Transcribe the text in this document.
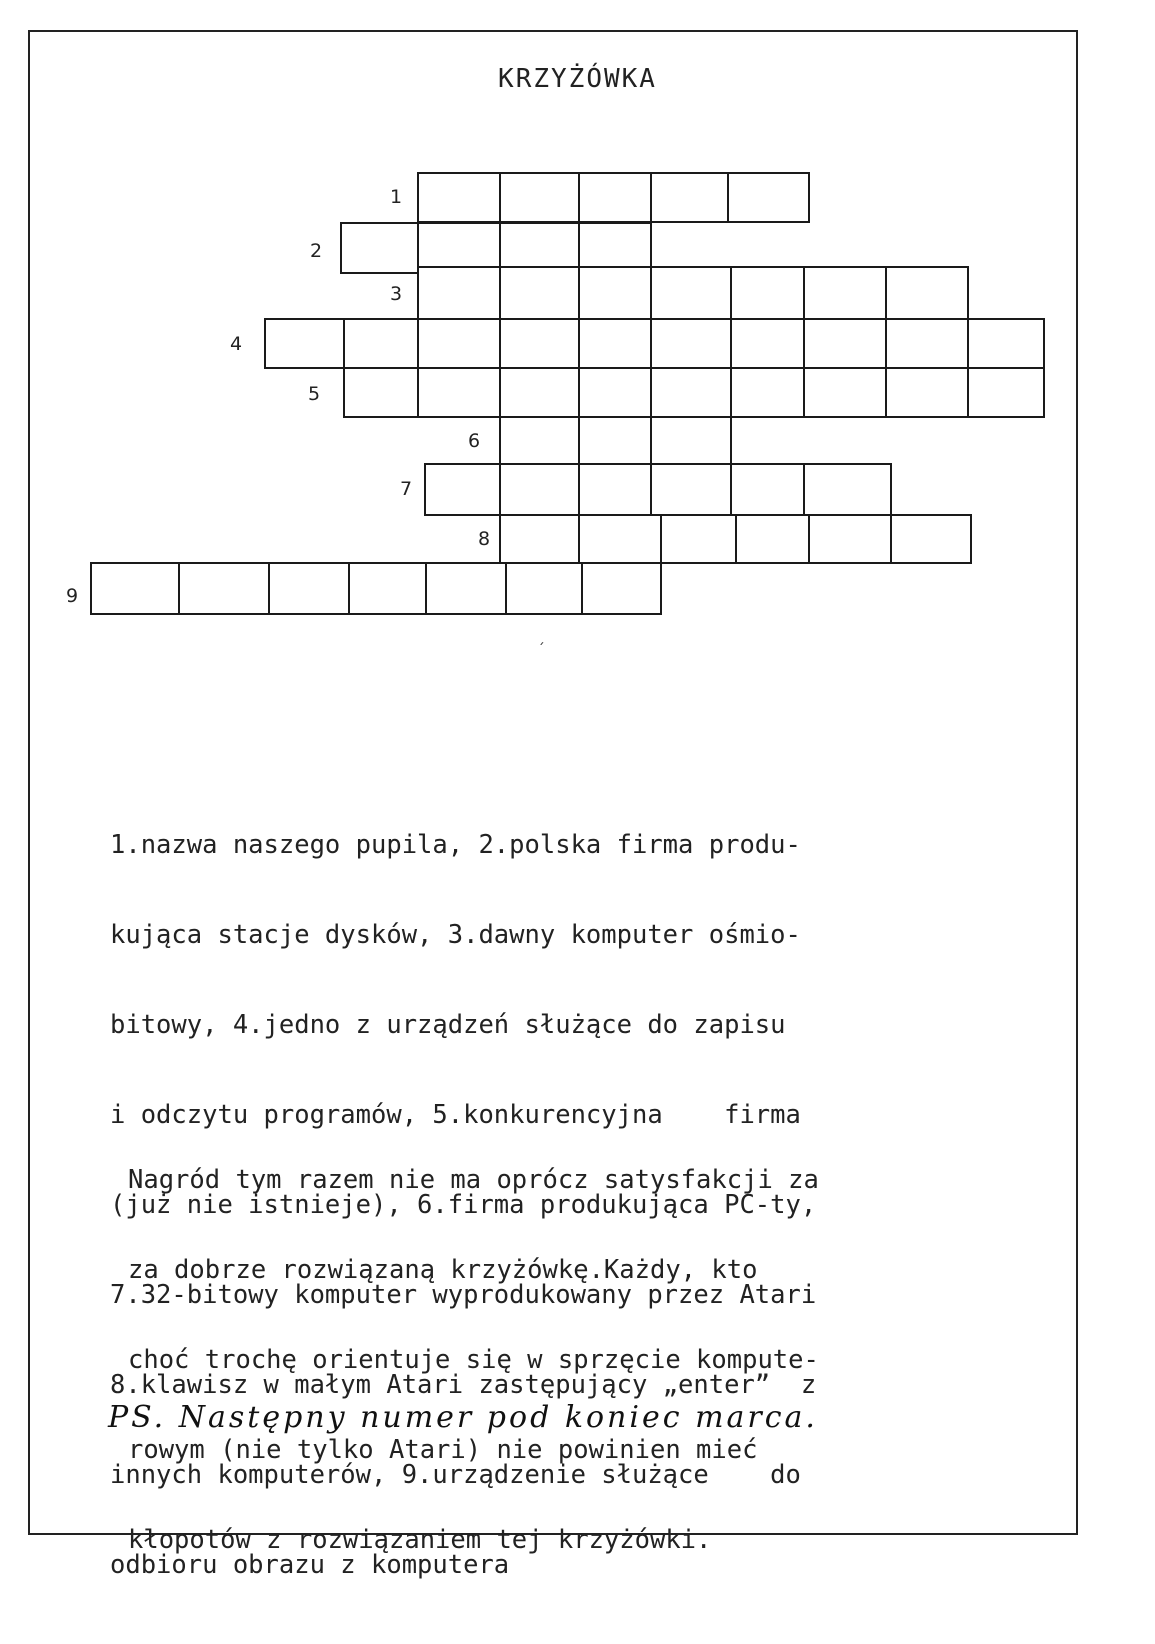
KRZYŻÓWKA
1
2
3
4
5
6
7
8
9

1.nazwa naszego pupila, 2.polska firma produ-

kująca stacje dysków, 3.dawny komputer ośmio-

bitowy, 4.jedno z urządzeń służące do zapisu

i odczytu programów, 5.konkurencyjna    firma

(już nie istnieje), 6.firma produkująca PC-ty,

7.32-bitowy komputer wyprodukowany przez Atari

8.klawisz w małym Atari zastępujący „enter”  z

innych komputerów, 9.urządzenie służące    do

odbioru obrazu z komputera

Nagród tym razem nie ma oprócz satysfakcji za

za dobrze rozwiązaną krzyżówkę.Każdy, kto

choć trochę orientuje się w sprzęcie kompute-

rowym (nie tylko Atari) nie powinien mieć

kłopotów z rozwiązaniem tej krzyżówki.

PS. Następny numer pod koniec marca.
´
